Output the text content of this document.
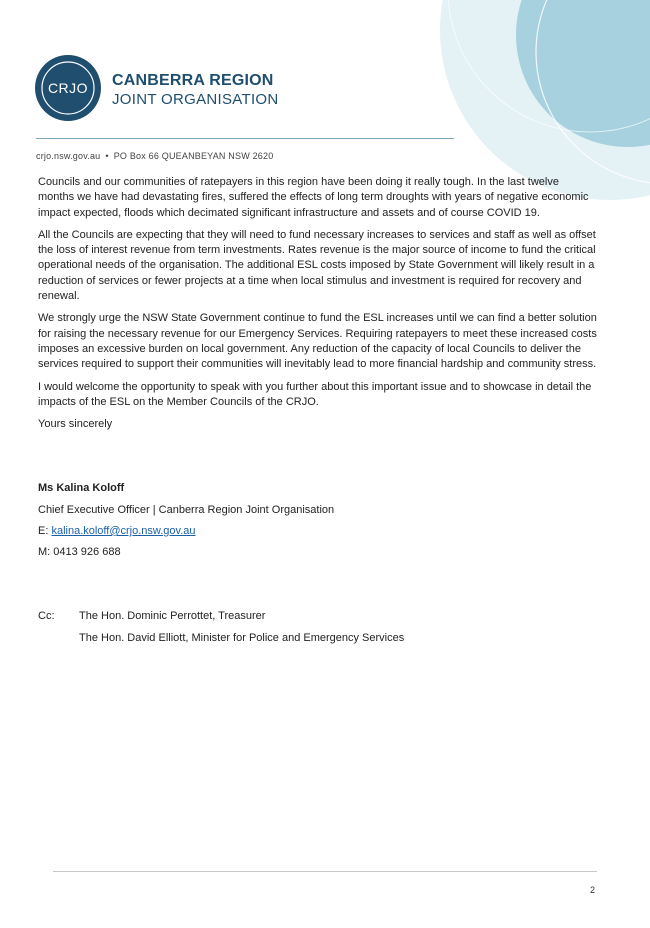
CRJO CANBERRA REGION
JOINT ORGANISATION
crjo.nsw.gov.au • PO Box 66 QUEANBEYAN NSW 2620

Councils and our communities of ratepayers in this region have been doing it really tough. In the last twelve months we have had devastating fires, suffered the effects of long term droughts with years of negative economic impact expected, floods which decimated significant infrastructure and assets and of course COVID 19.

All the Councils are expecting that they will need to fund necessary increases to services and staff as well as offset the loss of interest revenue from term investments. Rates revenue is the major source of income to fund the critical operational needs of the organisation. The additional ESL costs imposed by State Government will likely result in a reduction of services or fewer projects at a time when local stimulus and investment is required for recovery and renewal.

We strongly urge the NSW State Government continue to fund the ESL increases until we can find a better solution for raising the necessary revenue for our Emergency Services. Requiring ratepayers to meet these increased costs imposes an excessive burden on local government. Any reduction of the capacity of local Councils to deliver the services required to support their communities will inevitably lead to more financial hardship and community stress.

I would welcome the opportunity to speak with you further about this important issue and to showcase in detail the impacts of the ESL on the Member Councils of the CRJO.

Yours sincerely

Ms Kalina Koloff
Chief Executive Officer | Canberra Region Joint Organisation
E: kalina.koloff@crjo.nsw.gov.au
M: 0413 926 688
Cc: The Hon. Dominic Perrottet, Treasurer
The Hon. David Elliott, Minister for Police and Emergency Services
2
